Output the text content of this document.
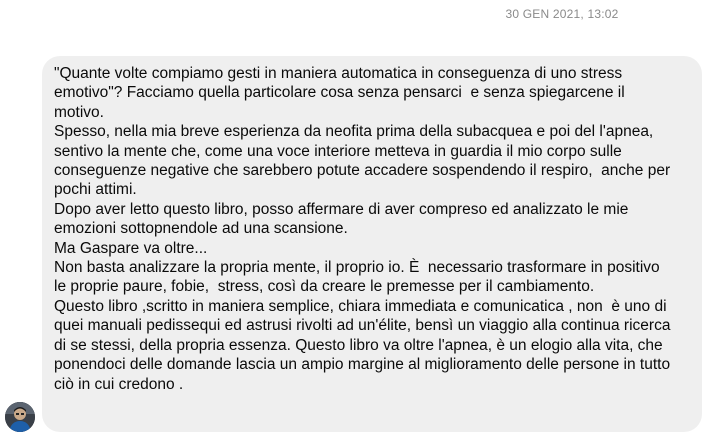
30 GEN 2021, 13:02
"Quante volte compiamo gesti in maniera automatica in conseguenza di uno stress
emotivo"? Facciamo quella particolare cosa senza pensarci  e senza spiegarcene il
motivo.
Spesso, nella mia breve esperienza da neofita prima della subacquea e poi del l'apnea,
sentivo la mente che, come una voce interiore metteva in guardia il mio corpo sulle
conseguenze negative che sarebbero potute accadere sospendendo il respiro,  anche per
pochi attimi.
Dopo aver letto questo libro, posso affermare di aver compreso ed analizzato le mie
emozioni sottopnendole ad una scansione.
Ma Gaspare va oltre...
Non basta analizzare la propria mente, il proprio io. È  necessario trasformare in positivo
le proprie paure, fobie,  stress, così da creare le premesse per il cambiamento.
Questo libro ,scritto in maniera semplice, chiara immediata e comunicatica , non  è uno di
quei manuali pedissequi ed astrusi rivolti ad un'élite, bensì un viaggio alla continua ricerca
di se stessi, della propria essenza. Questo libro va oltre l'apnea, è un elogio alla vita, che
ponendoci delle domande lascia un ampio margine al miglioramento delle persone in tutto
ciò in cui credono .
